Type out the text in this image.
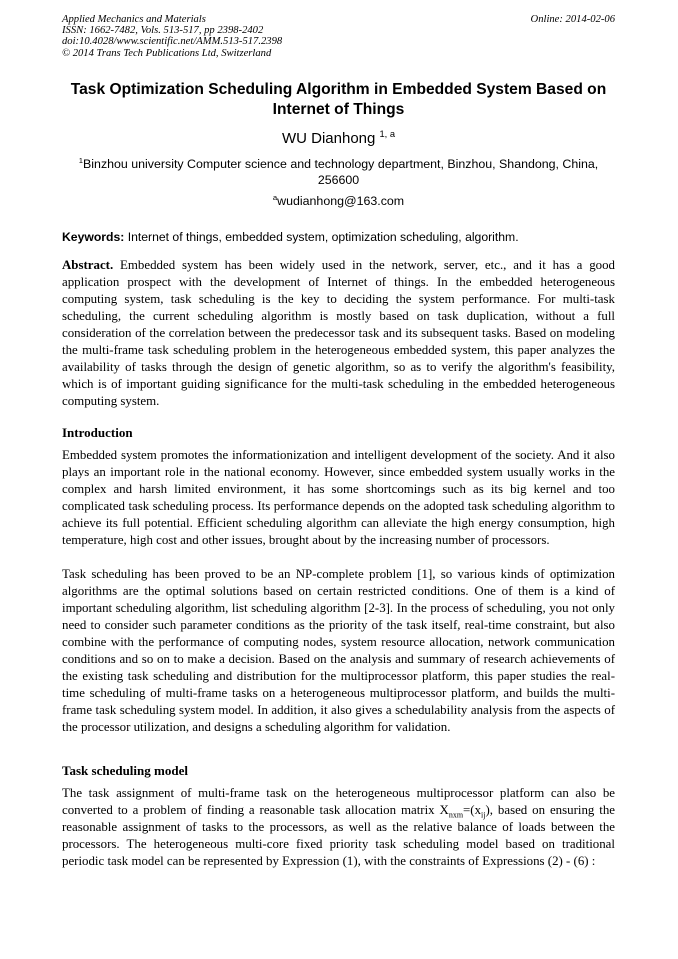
Applied Mechanics and Materials
ISSN: 1662-7482, Vols. 513-517, pp 2398-2402
doi:10.4028/www.scientific.net/AMM.513-517.2398
© 2014 Trans Tech Publications Ltd, Switzerland
Online: 2014-02-06
Task Optimization Scheduling Algorithm in Embedded System Based on Internet of Things
WU Dianhong $^{1, a}$
$^1$Binzhou university Computer science and technology department, Binzhou, Shandong, China, 256600
$^a$wudianhong@163.com
Keywords: Internet of things, embedded system, optimization scheduling, algorithm.

Abstract. Embedded system has been widely used in the network, server, etc., and it has a good application prospect with the development of Internet of things. In the embedded heterogeneous computing system, task scheduling is the key to deciding the system performance. For multi-task scheduling, the current scheduling algorithm is mostly based on task duplication, without a full consideration of the correlation between the predecessor task and its subsequent tasks. Based on modeling the multi-frame task scheduling problem in the heterogeneous embedded system, this paper analyzes the availability of tasks through the design of genetic algorithm, so as to verify the algorithm's feasibility, which is of important guiding significance for the multi-task scheduling in the embedded heterogeneous computing system.

Introduction

Embedded system promotes the informationization and intelligent development of the society. And it also plays an important role in the national economy. However, since embedded system usually works in the complex and harsh limited environment, it has some shortcomings such as its big kernel and too complicated task scheduling process. Its performance depends on the adopted task scheduling algorithm to achieve its full potential. Efficient scheduling algorithm can alleviate the high energy consumption, high temperature, high cost and other issues, brought about by the increasing number of processors.

Task scheduling has been proved to be an NP-complete problem [1], so various kinds of optimization algorithms are the optimal solutions based on certain restricted conditions. One of them is a kind of important scheduling algorithm, list scheduling algorithm [2-3]. In the process of scheduling, you not only need to consider such parameter conditions as the priority of the task itself, real-time constraint, but also combine with the performance of computing nodes, system resource allocation, network communication conditions and so on to make a decision. Based on the analysis and summary of research achievements of the existing task scheduling and distribution for the multiprocessor platform, this paper studies the real-time scheduling of multi-frame tasks on a heterogeneous multiprocessor platform, and builds the multi-frame task scheduling system model. In addition, it also gives a schedulability analysis from the aspects of the processor utilization, and designs a scheduling algorithm for validation.

Task scheduling model

The task assignment of multi-frame task on the heterogeneous multiprocessor platform can also be converted to a problem of finding a reasonable task allocation matrix $X_{nxm}=(x_{ij})$, based on ensuring the reasonable assignment of tasks to the processors, as well as the relative balance of loads between the processors. The heterogeneous multi-core fixed priority task scheduling model based on traditional periodic task model can be represented by Expression (1), with the constraints of Expressions (2) - (6) :
